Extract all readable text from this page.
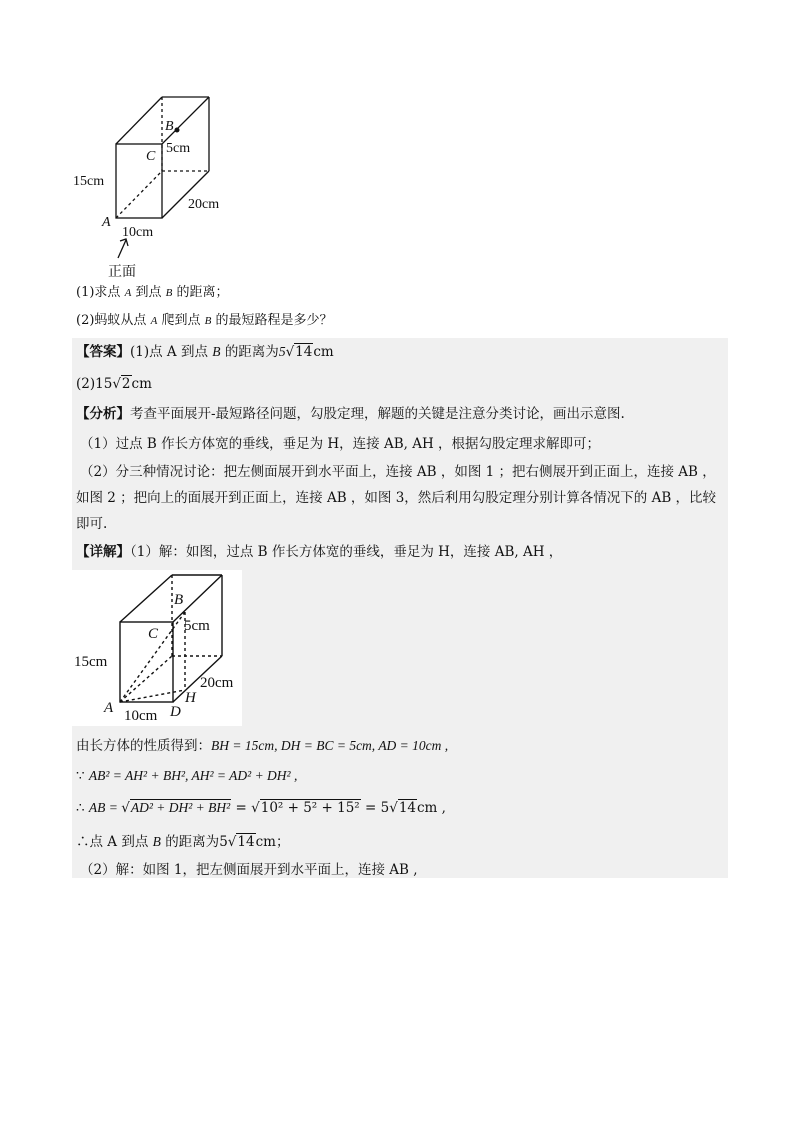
B
C
5cm
15cm
20cm
A
10cm
正面
(1)求点 A 到点 B 的距离；
(2)蚂蚁从点 A 爬到点 B 的最短路程是多少？
【答案】(1)点 A 到点 B 的距离为5√14cm
(2)15√2cm
【分析】考查平面展开-最短路径问题，勾股定理，解题的关键是注意分类讨论，画出示意图.
（1）过点 B 作长方体宽的垂线，垂足为 H，连接 AB, AH ，根据勾股定理求解即可；
（2）分三种情况讨论：把左侧面展开到水平面上，连接 AB ，如图 1 ；把右侧展开到正面上，连接 AB ，
如图 2 ；把向上的面展开到正面上，连接 AB ，如图 3，然后利用勾股定理分别计算各情况下的 AB ，比较
即可.
【详解】（1）解：如图，过点 B 作长方体宽的垂线，垂足为 H，连接 AB, AH ，
B
C 5cm
15cm
20cm
H
A	D
10cm
由长方体的性质得到：BH = 15cm, DH = BC = 5cm, AD = 10cm ,
∵ AB² = AH² + BH², AH² = AD² + DH² ,
∴ AB = √AD² + DH² + BH² = √10² + 5² + 15² = 5√14cm ,
∴点 A 到点 B 的距离为5√14cm；
（2）解：如图 1，把左侧面展开到水平面上，连接 AB ,
